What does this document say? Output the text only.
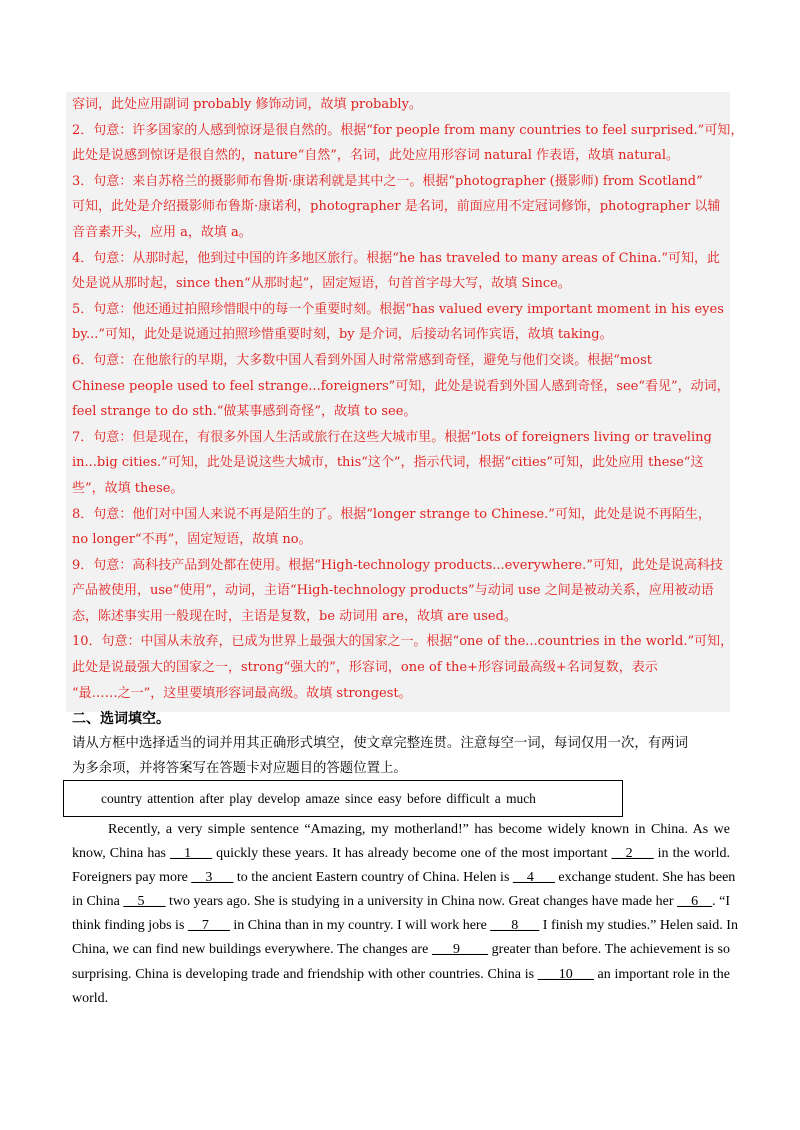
容词，此处应用副词 probably 修饰动词，故填 probably。
2．句意：许多国家的人感到惊讶是很自然的。根据“for people from many countries to feel surprised.”可知，
此处是说感到惊讶是很自然的，nature“自然”，名词，此处应用形容词 natural 作表语，故填 natural。
3．句意：来自苏格兰的摄影师布鲁斯·康诺利就是其中之一。根据“photographer (摄影师) from Scotland”
可知，此处是介绍摄影师布鲁斯·康诺利，photographer 是名词，前面应用不定冠词修饰，photographer 以辅
音音素开头，应用 a，故填 a。
4．句意：从那时起，他到过中国的许多地区旅行。根据“he has traveled to many areas of China.”可知，此
处是说从那时起，since then“从那时起”，固定短语，句首首字母大写，故填 Since。
5．句意：他还通过拍照珍惜眼中的每一个重要时刻。根据“has valued every important moment in his eyes
by...”可知，此处是说通过拍照珍惜重要时刻，by 是介词，后接动名词作宾语，故填 taking。
6．句意：在他旅行的早期，大多数中国人看到外国人时常常感到奇怪，避免与他们交谈。根据“most
Chinese people used to feel strange...foreigners”可知，此处是说看到外国人感到奇怪，see“看见”，动词，
feel strange to do sth.“做某事感到奇怪”，故填 to see。
7．句意：但是现在，有很多外国人生活或旅行在这些大城市里。根据“lots of foreigners living or traveling
in...big cities.”可知，此处是说这些大城市，this“这个”，指示代词，根据“cities”可知，此处应用 these“这
些”，故填 these。
8．句意：他们对中国人来说不再是陌生的了。根据“longer strange to Chinese.”可知，此处是说不再陌生，
no longer“不再”，固定短语，故填 no。
9．句意：高科技产品到处都在使用。根据“High-technology products...everywhere.”可知，此处是说高科技
产品被使用，use“使用”，动词，主语“High-technology products”与动词 use 之间是被动关系，应用被动语
态，陈述事实用一般现在时，主语是复数，be 动词用 are，故填 are used。
10．句意：中国从未放弃，已成为世界上最强大的国家之一。根据“one of the...countries in the world.”可知，
此处是说最强大的国家之一，strong“强大的”，形容词，one of the+形容词最高级+名词复数，表示
“最……之一”，这里要填形容词最高级。故填 strongest。
二、选词填空。
请从方框中选择适当的词并用其正确形式填空，使文章完整连贯。注意每空一词，每词仅用一次，有两词
为多余项，并将答案写在答题卡对应题目的答题位置上。
country attention after play develop amaze since easy before difficult a much
Recently, a very simple sentence “Amazing, my motherland!” has become widely known in China. As we
know, China has __1___ quickly these years. It has already become one of the most important __2___ in the world.
Foreigners pay more __3___ to the ancient Eastern country of China. Helen is __4___ exchange student. She has been
in China __5___ two years ago. She is studying in a university in China now. Great changes have made her __6__. “I
think finding jobs is __7___ in China than in my country. I will work here ___8___ I finish my studies.” Helen said. In
China, we can find new buildings everywhere. The changes are ___9____ greater than before. The achievement is so
surprising. China is developing trade and friendship with other countries. China is ___10___ an important role in the
world.
